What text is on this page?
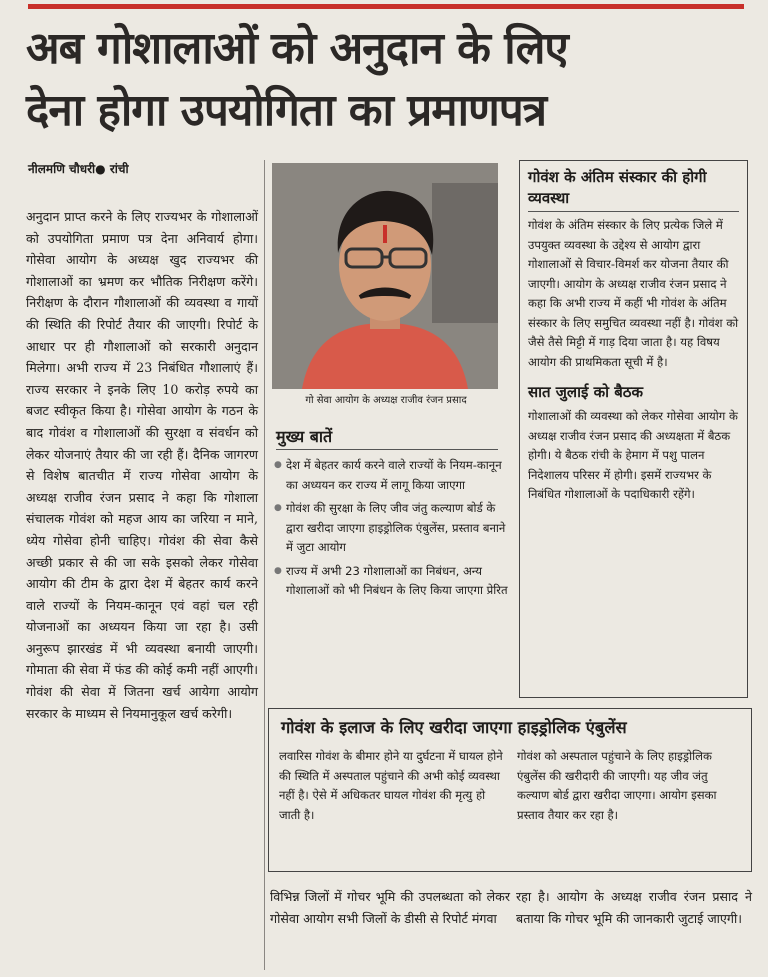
अब गोशालाओं को अनुदान के लिए
देना होगा उपयोगिता का प्रमाणपत्र
नीलमणि चौधरी● रांची

अनुदान प्राप्त करने के लिए राज्यभर के गोशालाओं को उपयोगिता प्रमाण पत्र देना अनिवार्य होगा। गोसेवा आयोग के अध्यक्ष खुद राज्यभर की गोशालाओं का भ्रमण कर भौतिक निरीक्षण करेंगे। निरीक्षण के दौरान गौशालाओं की व्यवस्था व गायों की स्थिति की रिपोर्ट तैयार की जाएगी। रिपोर्ट के आधार पर ही गौशालाओं को सरकारी अनुदान मिलेगा। अभी राज्य में 23 निबंधित गौशालाएं हैं। राज्य सरकार ने इनके लिए 10 करोड़ रुपये का बजट स्वीकृत किया है। गोसेवा आयोग के गठन के बाद गोवंश व गोशालाओं की सुरक्षा व संवर्धन को लेकर योजनाएं तैयार की जा रही हैं। दैनिक जागरण से विशेष बातचीत में राज्य गोसेवा आयोग के अध्यक्ष राजीव रंजन प्रसाद ने कहा कि गोशाला संचालक गोवंश को महज आय का जरिया न माने, ध्येय गोसेवा होनी चाहिए। गोवंश की सेवा कैसे अच्छी प्रकार से की जा सके इसको लेकर गोसेवा आयोग की टीम के द्वारा देश में बेहतर कार्य करने वाले राज्यों के नियम-कानून एवं वहां चल रही योजनाओं का अध्ययन किया जा रहा है। उसी अनुरूप झारखंड में भी व्यवस्था बनायी जाएगी। गोमाता की सेवा में फंड की कोई कमी नहीं आएगी। गोवंश की सेवा में जितना खर्च आयेगा आयोग सरकार के माध्यम से नियमानुकूल खर्च करेगी।

गो सेवा आयोग के अध्यक्ष राजीव रंजन प्रसाद
मुख्य बातें
● देश में बेहतर कार्य करने वाले राज्यों के नियम-कानून का अध्ययन कर राज्य में लागू किया जाएगा
● गोवंश की सुरक्षा के लिए जीव जंतु कल्याण बोर्ड के द्वारा खरीदा जाएगा हाइड्रोलिक एंबुलेंस, प्रस्ताव बनाने में जुटा आयोग
● राज्य में अभी 23 गोशालाओं का निबंधन, अन्य गोशालाओं को भी निबंधन के लिए किया जाएगा प्रेरित

गोवंश के अंतिम संस्कार की होगी व्यवस्था

गोवंश के अंतिम संस्कार के लिए प्रत्येक जिले में उपयुक्त व्यवस्था के उद्देश्य से आयोग द्वारा गोशालाओं से विचार-विमर्श कर योजना तैयार की जाएगी। आयोग के अध्यक्ष राजीव रंजन प्रसाद ने कहा कि अभी राज्य में कहीं भी गोवंश के अंतिम संस्कार के लिए समुचित व्यवस्था नहीं है। गोवंश को जैसे तैसे मिट्टी में गाड़ दिया जाता है। यह विषय आयोग की प्राथमिकता सूची में है।

सात जुलाई को बैठक

गोशालाओं की व्यवस्था को लेकर गोसेवा आयोग के अध्यक्ष राजीव रंजन प्रसाद की अध्यक्षता में बैठक होगी। ये बैठक रांची के हेमाग में पशु पालन निदेशालय परिसर में होगी। इसमें राज्यभर के निबंधित गोशालाओं के पदाधिकारी रहेंगे।

गोवंश के इलाज के लिए खरीदा जाएगा हाइड्रोलिक एंबुलेंस

लवारिस गोवंश के बीमार होने या दुर्घटना में घायल होने की स्थिति में अस्पताल पहुंचाने की अभी कोई व्यवस्था नहीं है। ऐसे में अधिकतर घायल गोवंश की मृत्यु हो जाती है।

गोवंश को अस्पताल पहुंचाने के लिए हाइड्रोलिक एंबुलेंस की खरीदारी की जाएगी। यह जीव जंतु कल्याण बोर्ड द्वारा खरीदा जाएगा। आयोग इसका प्रस्ताव तैयार कर रहा है।

विभिन्न जिलों में गोचर भूमि की उपलब्धता को लेकर गोसेवा आयोग सभी जिलों के डीसी से रिपोर्ट मंगवा

रहा है। आयोग के अध्यक्ष राजीव रंजन प्रसाद ने बताया कि गोचर भूमि की जानकारी जुटाई जाएगी।
